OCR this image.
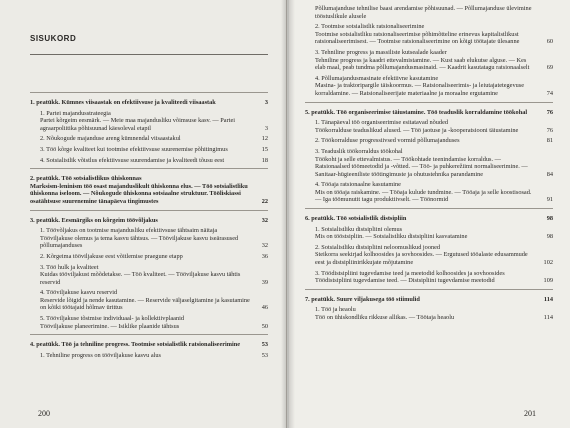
SISUKORD
1. peatükk. Kümnes viisaastak on efektiivsuse ja kvaliteedi viisaastak	3
1. Partei majandusstrateegia
Partei kõrgeim eesmärk. — Meie maa majandusliku võimsuse kasv. — Partei agraarpoliitika põhisuunad käesoleval etapil	3
2. Nõukogude majanduse areng kümnendal viisaastakul	12
3. Töö kõrge kvaliteet kui tootmise efektiivsuse suurenemise põhitingimus	15
4. Sotsialistlik võistlus efektiivsuse suurendamise ja kvaliteedi tõusu eest	18
2. peatükk. Töö sotsialistlikus ühiskonnas
Marksism-leninism töö osast majanduslikult ühiskonna elus. — Töö sotsialistliku ühiskonna iseloom. — Nõukogude ühiskonna sotsiaalne struktuur. Tööliskiassi osatähtsuse suurenemine tänapäeva tingimustes	22
3. peatükk. Eesmärgiks on kõrgeim töövõljakus	32
1. Töövõljakus on tootmise majandusliku efektiivsuse tähtsaim näitaja
Tööviljakuse olemus ja tema kasvu tähtsus. — Tööviljakuse kasvu iseärasused põllumajanduses	32
2. Kõrgeima tööviljakuse eest võitlemise praegune etapp	36
3. Töö hulk ja kvaliteet
Kuidas tööviljakust mõõdetakse. — Töö kvaliteet. — Tööviljakuse kasvu tähtis reservid	39
4. Tööviljakuse kasvu reservid
Reservide lõigid ja nende kasutamine. — Reservide väljaselgitamine ja kasutamine on kõiki töötajaid hõlmav ürittus	46
5. Tööviljakuse tõstmise individuaal- ja kollektiivplaanid
Tööviljakuse planeerimine. — Isiklike plaanide tähtsus	50
4. peatükk. Töö ja tehniline progress. Tootmise sotsialistlik ratsionaliseerimine	53
1. Tehniline progress on tööviljakuse kasvu alus	53
200
Põllumajanduse tehnilise baasi arendamise põhisuunad. — Põllumajanduse ülevimine tööstuslikule alusele
2. Tootmise sotsialistlik ratsionaliseerimine
Tootmise sotsialistliku ratsionaliseerimise põhimõtteline erinevus kapitalistlikust ratsionaliseerimisest. — Tootmise ratsionaliseerimine on kõigi töötajate ülesanne	60
3. Tehniline progress ja massiliste kutsealade kaader
Tehniline progress ja kaadri ettevalmistamine. — Kust saab elukutse alguse. — Kes elab maal, peab tundma põllumajandusmasinaid. — Kaadrit kasutatagu ratsionaalselt	69
4. Põllumajandusmasinate efektiivne kasutamine
Masina- ja traktoripargile täiskoormus. — Ratsionaliseerimis- ja leiutajatetegevuse korraldamine. — Ratsionaliseerijate materiaalne ja moraalne ergutamine	74
5. peatükk. Töö organiseerimise täiustamine. Töö teaduslik korraldamine töökohal	76
1. Tänapäeval töö organiseerimise esitatavad nõuded
Töökorralduse teaduslikud alused. — Töö jaotuse ja -kooperatsiooni täiustamine	76
2. Töökorralduse progressiivsed vormid põllumajanduses	81
3. Teaduslik töökorraldus töökohal
Töökoht ja selle ettevalmistus. — Töökohtade teenindamise korraldus. — Ratsionaalsed töömeetodid ja -võtted. — Töö- ja puhkerežiimi normaliseerimine. — Sanitaar-hügieeniliste töötingimuste ja ohutustehnika parandamine	84
4. Tööaja ratsionaalne kasutamine
Mis on tööaja raiskamine. — Tööaja kulude tundmine. — Tööaja ja selle koostisosad. — Iga töömunutit tagu produktiivselt. — Töönormid	91
6. peatükk. Töö sotsialistlik distsipliin	98
1. Sotsialistliku distsipliini olemus
Mis on tööstsipliin. — Sotsialistliku distsipliini kasvatamine	98
2. Sotsialistliku distsipliini neloomuslikud jooned
Steikorra seekirjad kolhoosides ja sovhoosides. — Ergutused tööalaste edusammude eest ja distsipliinirikkujate mõjutamine	102
3. Töödistsipliini tugevdamise teed ja meetodid kolhoosides ja sovhoosides
Töödistsipliini tugevdamise teed. — Distsipliini tugevdamise meetodid	109
7. peatükk. Suure viljakusega töö stiimulid	114
1. Töö ja heaolu
Töö on ühiskondliku rikkuse allikas. — Töötaja heaolu	114
201
